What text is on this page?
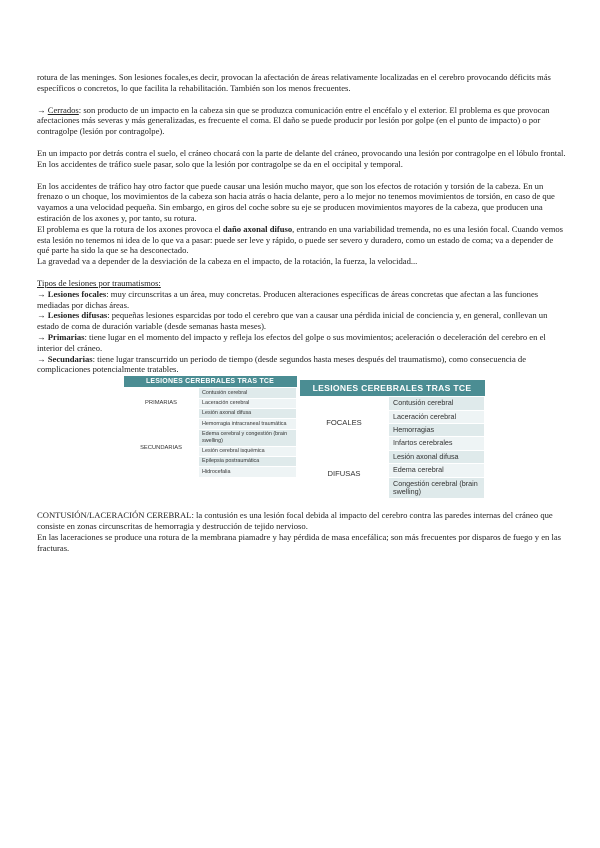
rotura de las meninges. Son lesiones focales,es decir, provocan la afectación de áreas relativamente localizadas en el cerebro provocando déficits más específicos o concretos, lo que facilita la rehabilitación. También son los menos frecuentes.

→ Cerrados: son producto de un impacto en la cabeza sin que se produzca comunicación entre el encéfalo y el exterior. El problema es que provocan afectaciones más severas y más generalizadas, es frecuente el coma. El daño se puede producir por lesión por golpe (en el punto de impacto) o por contragolpe (lesión por contragolpe).

En un impacto por detrás contra el suelo, el cráneo chocará con la parte de delante del cráneo, provocando una lesión por contragolpe en el lóbulo frontal. En los accidentes de tráfico suele pasar, solo que la lesión por contragolpe se da en el occipital y temporal.

En los accidentes de tráfico hay otro factor que puede causar una lesión mucho mayor, que son los efectos de rotación y torsión de la cabeza. En un frenazo o un choque, los movimientos de la cabeza son hacia atrás o hacia delante, pero a lo mejor no tenemos movimientos de torsión, en caso de que vayamos a una velocidad pequeña. Sin embargo, en giros del coche sobre su eje se producen movimientos mayores de la cabeza, que producen una estiración de los axones y, por tanto, su rotura.

El problema es que la rotura de los axones provoca el daño axonal difuso, entrando en una variabilidad tremenda, no es una lesión focal. Cuando vemos esta lesión no tenemos ni idea de lo que va a pasar: puede ser leve y rápido, o puede ser severo y duradero, como un estado de coma; va a depender de qué parte ha sido la que se ha desconectado.

La gravedad va a depender de la desviación de la cabeza en el impacto, de la rotación, la fuerza, la velocidad...

Tipos de lesiones por traumatismos:

→ Lesiones focales: muy circunscritas a un área, muy concretas. Producen alteraciones específicas de áreas concretas que afectan a las funciones mediadas por dichas áreas.

→ Lesiones difusas: pequeñas lesiones esparcidas por todo el cerebro que van a causar una pérdida inicial de conciencia y, en general, conllevan un estado de coma de duración variable (desde semanas hasta meses).

→ Primarias: tiene lugar en el momento del impacto y refleja los efectos del golpe o sus movimientos; aceleración o deceleración del cerebro en el interior del cráneo.

→ Secundarias: tiene lugar transcurrido un periodo de tiempo (desde segundos hasta meses después del traumatismo), como consecuencia de complicaciones potencialmente tratables.

LESIONES CEREBRALES TRAS TCE	
PRIMARIAS	Contusión cerebral
	Laceración cerebral
	Lesión axonal difusa
SECUNDARIAS	Hemorragia intracraneal traumática
	Edema cerebral y congestión (brain swelling)
	Lesión cerebral isquémica
	Epilepsia postraumática
	Hidrocefalia
LESIONES CEREBRALES TRAS TCE	
FOCALES	Contusión cerebral
	Laceración cerebral
	Hemorragias
	Infartos cerebrales
DIFUSAS	Lesión axonal difusa
	Edema cerebral
	Congestión cerebral (brain swelling)

CONTUSIÓN/LACERACIÓN CEREBRAL: la contusión es una lesión focal debida al impacto del cerebro contra las paredes internas del cráneo que consiste en zonas circunscritas de hemorragia y destrucción de tejido nervioso.

En las laceraciones se produce una rotura de la membrana piamadre y hay pérdida de masa encefálica; son más frecuentes por disparos de fuego y en las fracturas.
